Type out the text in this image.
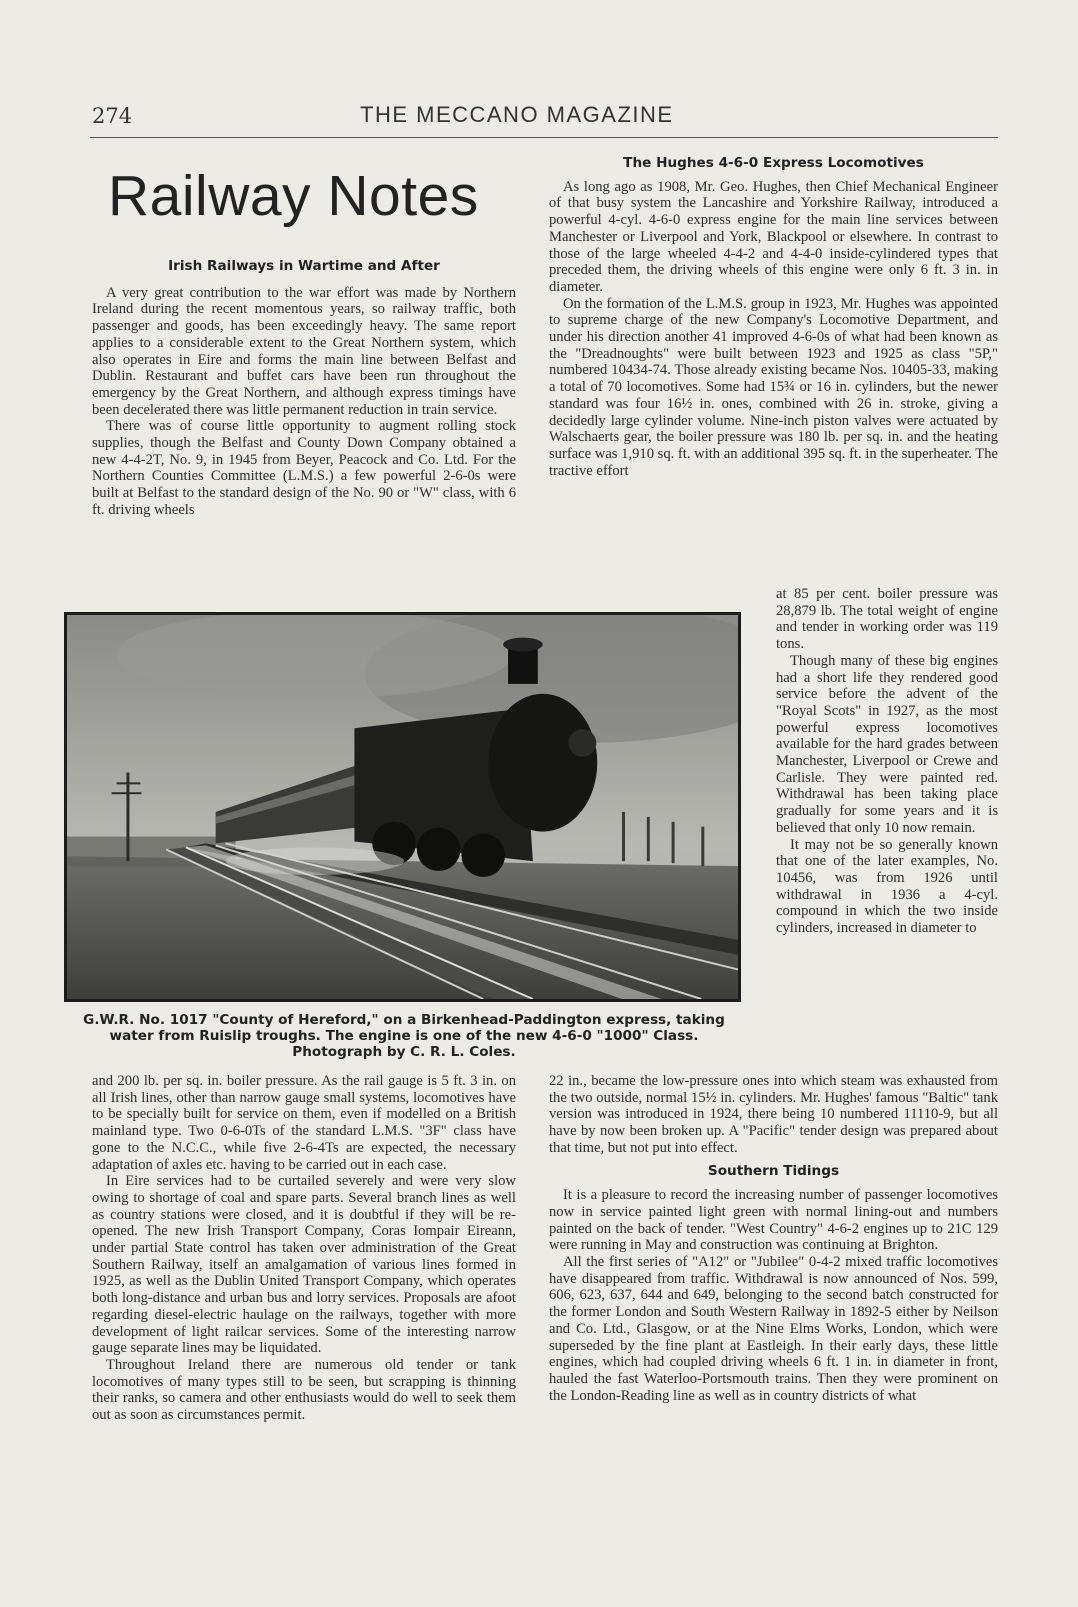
274	THE MECCANO MAGAZINE
Railway Notes
Irish Railways in Wartime and After

A very great contribution to the war effort was made by Northern Ireland during the recent momentous years, so railway traffic, both passenger and goods, has been exceedingly heavy. The same report applies to a considerable extent to the Great Northern system, which also operates in Eire and forms the main line between Belfast and Dublin. Restaurant and buffet cars have been run throughout the emergency by the Great Northern, and although express timings have been decelerated there was little permanent reduction in train service.

There was of course little opportunity to augment rolling stock supplies, though the Belfast and County Down Company obtained a new 4-4-2T, No. 9, in 1945 from Beyer, Peacock and Co. Ltd. For the Northern Counties Committee (L.M.S.) a few powerful 2-6-0s were built at Belfast to the standard design of the No. 90 or "W" class, with 6 ft. driving wheels

The Hughes 4-6-0 Express Locomotives

As long ago as 1908, Mr. Geo. Hughes, then Chief Mechanical Engineer of that busy system the Lancashire and Yorkshire Railway, introduced a powerful 4-cyl. 4-6-0 express engine for the main line services between Manchester or Liverpool and York, Blackpool or elsewhere. In contrast to those of the large wheeled 4-4-2 and 4-4-0 inside-cylindered types that preceded them, the driving wheels of this engine were only 6 ft. 3 in. in diameter.

On the formation of the L.M.S. group in 1923, Mr. Hughes was appointed to supreme charge of the new Company's Locomotive Department, and under his direction another 41 improved 4-6-0s of what had been known as the "Dreadnoughts" were built between 1923 and 1925 as class "5P," numbered 10434-74. Those already existing became Nos. 10405-33, making a total of 70 locomotives. Some had 15¾ or 16 in. cylinders, but the newer standard was four 16½ in. ones, combined with 26 in. stroke, giving a decidedly large cylinder volume. Nine-inch piston valves were actuated by Walschaerts gear, the boiler pressure was 180 lb. per sq. in. and the heating surface was 1,910 sq. ft. with an additional 395 sq. ft. in the superheater. The tractive effort

at 85 per cent. boiler pressure was 28,879 lb. The total weight of engine and tender in working order was 119 tons.

Though many of these big engines had a short life they rendered good service before the advent of the "Royal Scots" in 1927, as the most powerful express locomotives available for the hard grades between Manchester, Liverpool or Crewe and Carlisle. They were painted red. Withdrawal has been taking place gradually for some years and it is believed that only 10 now remain.

It may not be so generally known that one of the later examples, No. 10456, was from 1926 until withdrawal in 1936 a 4-cyl. compound in which the two inside cylinders, increased in diameter to

G.W.R. No. 1017 "County of Hereford," on a Birkenhead-Paddington express, taking water from Ruislip troughs. The engine is one of the new 4-6-0 "1000" Class. Photograph by C. R. L. Coles.

and 200 lb. per sq. in. boiler pressure. As the rail gauge is 5 ft. 3 in. on all Irish lines, other than narrow gauge small systems, locomotives have to be specially built for service on them, even if modelled on a British mainland type. Two 0-6-0Ts of the standard L.M.S. "3F" class have gone to the N.C.C., while five 2-6-4Ts are expected, the necessary adaptation of axles etc. having to be carried out in each case.

In Eire services had to be curtailed severely and were very slow owing to shortage of coal and spare parts. Several branch lines as well as country stations were closed, and it is doubtful if they will be re-opened. The new Irish Transport Company, Coras Iompair Eireann, under partial State control has taken over administration of the Great Southern Railway, itself an amalgamation of various lines formed in 1925, as well as the Dublin United Transport Company, which operates both long-distance and urban bus and lorry services. Proposals are afoot regarding diesel-electric haulage on the railways, together with more development of light railcar services. Some of the interesting narrow gauge separate lines may be liquidated.

Throughout Ireland there are numerous old tender or tank locomotives of many types still to be seen, but scrapping is thinning their ranks, so camera and other enthusiasts would do well to seek them out as soon as circumstances permit.

22 in., became the low-pressure ones into which steam was exhausted from the two outside, normal 15½ in. cylinders. Mr. Hughes' famous "Baltic" tank version was introduced in 1924, there being 10 numbered 11110-9, but all have by now been broken up. A "Pacific" tender design was prepared about that time, but not put into effect.

Southern Tidings

It is a pleasure to record the increasing number of passenger locomotives now in service painted light green with normal lining-out and numbers painted on the back of tender. "West Country" 4-6-2 engines up to 21C 129 were running in May and construction was continuing at Brighton.

All the first series of "A12" or "Jubilee" 0-4-2 mixed traffic locomotives have disappeared from traffic. Withdrawal is now announced of Nos. 599, 606, 623, 637, 644 and 649, belonging to the second batch constructed for the former London and South Western Railway in 1892-5 either by Neilson and Co. Ltd., Glasgow, or at the Nine Elms Works, London, which were superseded by the fine plant at Eastleigh. In their early days, these little engines, which had coupled driving wheels 6 ft. 1 in. in diameter in front, hauled the fast Waterloo-Portsmouth trains. Then they were prominent on the London-Reading line as well as in country districts of what
